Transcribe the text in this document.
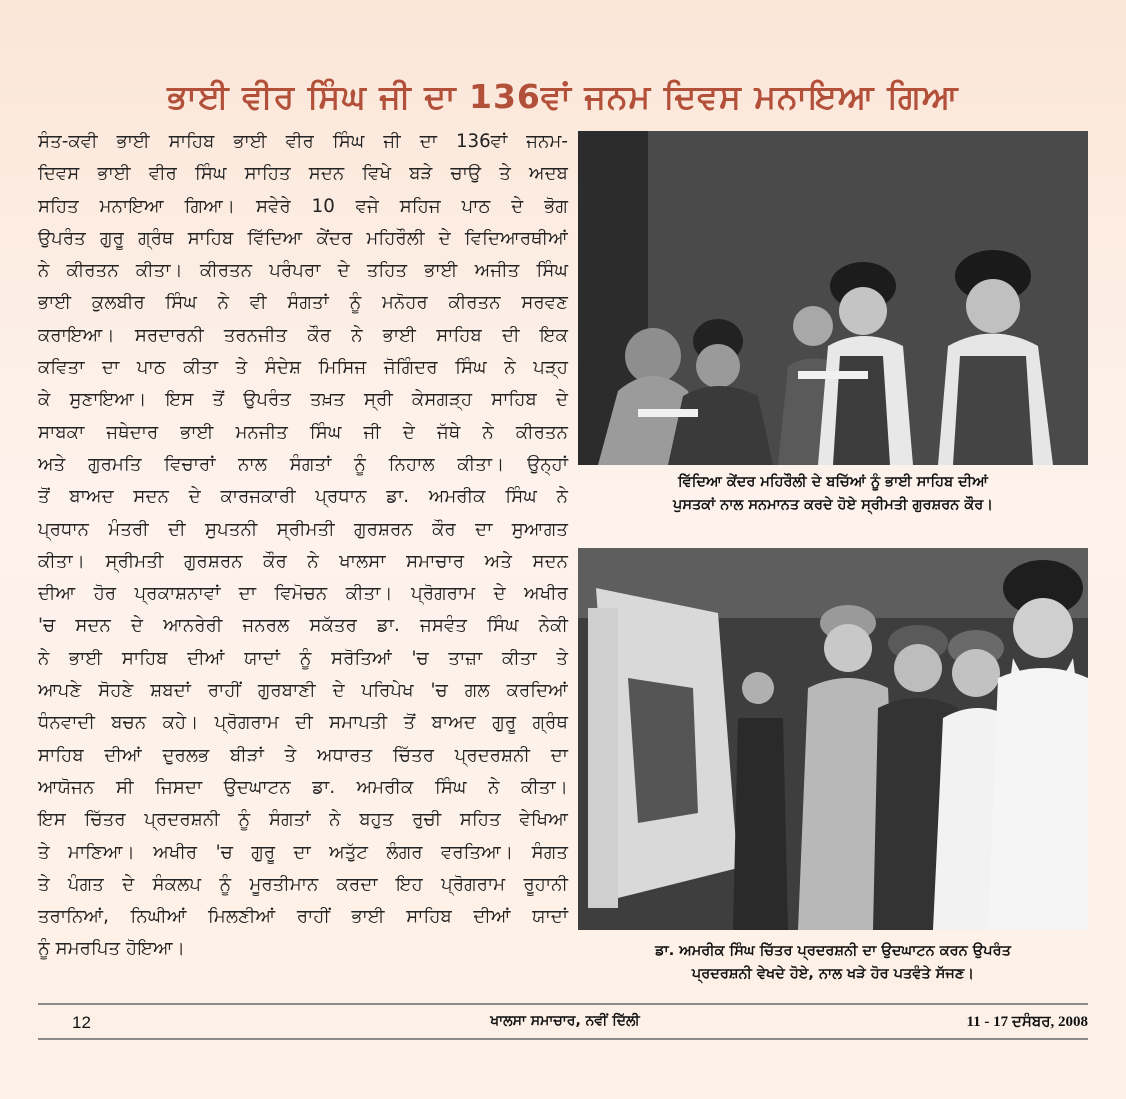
ਭਾਈ ਵੀਰ ਸਿੰਘ ਜੀ ਦਾ 136ਵਾਂ ਜਨਮ ਦਿਵਸ ਮਨਾਇਆ ਗਿਆ
ਸੰਤ-ਕਵੀ ਭਾਈ ਸਾਹਿਬ ਭਾਈ ਵੀਰ ਸਿੰਘ ਜੀ ਦਾ 136ਵਾਂ ਜਨਮ-
ਦਿਵਸ ਭਾਈ ਵੀਰ ਸਿੰਘ ਸਾਹਿਤ ਸਦਨ ਵਿਖੇ ਬੜੇ ਚਾਉ ਤੇ ਅਦਬ
ਸਹਿਤ ਮਨਾਇਆ ਗਿਆ। ਸਵੇਰੇ 10 ਵਜੇ ਸਹਿਜ ਪਾਠ ਦੇ ਭੋਗ
ਉਪਰੰਤ ਗੁਰੂ ਗ੍ਰੰਥ ਸਾਹਿਬ ਵਿੱਦਿਆ ਕੇਂਦਰ ਮਹਿਰੌਲੀ ਦੇ ਵਿਦਿਆਰਥੀਆਂ
ਨੇ ਕੀਰਤਨ ਕੀਤਾ। ਕੀਰਤਨ ਪਰੰਪਰਾ ਦੇ ਤਹਿਤ ਭਾਈ ਅਜੀਤ ਸਿੰਘ
ਭਾਈ ਕੁਲਬੀਰ ਸਿੰਘ ਨੇ ਵੀ ਸੰਗਤਾਂ ਨੂੰ ਮਨੋਹਰ ਕੀਰਤਨ ਸਰਵਣ
ਕਰਾਇਆ। ਸਰਦਾਰਨੀ ਤਰਨਜੀਤ ਕੌਰ ਨੇ ਭਾਈ ਸਾਹਿਬ ਦੀ ਇਕ
ਕਵਿਤਾ ਦਾ ਪਾਠ ਕੀਤਾ ਤੇ ਸੰਦੇਸ਼ ਮਿਸਿਜ ਜੋਗਿੰਦਰ ਸਿੰਘ ਨੇ ਪੜ੍ਹ
ਕੇ ਸੁਣਾਇਆ। ਇਸ ਤੋਂ ਉਪਰੰਤ ਤਖ਼ਤ ਸ੍ਰੀ ਕੇਸਗੜ੍ਹ ਸਾਹਿਬ ਦੇ
ਸਾਬਕਾ ਜਥੇਦਾਰ ਭਾਈ ਮਨਜੀਤ ਸਿੰਘ ਜੀ ਦੇ ਜੱਥੇ ਨੇ ਕੀਰਤਨ
ਅਤੇ ਗੁਰਮਤਿ ਵਿਚਾਰਾਂ ਨਾਲ ਸੰਗਤਾਂ ਨੂੰ ਨਿਹਾਲ ਕੀਤਾ। ਉਨ੍ਹਾਂ
ਤੋਂ ਬਾਅਦ ਸਦਨ ਦੇ ਕਾਰਜਕਾਰੀ ਪ੍ਰਧਾਨ ਡਾ. ਅਮਰੀਕ ਸਿੰਘ ਨੇ
ਪ੍ਰਧਾਨ ਮੰਤਰੀ ਦੀ ਸੁਪਤਨੀ ਸ੍ਰੀਮਤੀ ਗੁਰਸ਼ਰਨ ਕੌਰ ਦਾ ਸੁਆਗਤ
ਕੀਤਾ। ਸ੍ਰੀਮਤੀ ਗੁਰਸ਼ਰਨ ਕੌਰ ਨੇ ਖਾਲਸਾ ਸਮਾਚਾਰ ਅਤੇ ਸਦਨ
ਦੀਆ ਹੋਰ ਪ੍ਰਕਾਸ਼ਨਾਵਾਂ ਦਾ ਵਿਮੋਚਨ ਕੀਤਾ। ਪ੍ਰੋਗਰਾਮ ਦੇ ਅਖੀਰ
'ਚ ਸਦਨ ਦੇ ਆਨਰੇਰੀ ਜਨਰਲ ਸਕੱਤਰ ਡਾ. ਜਸਵੰਤ ਸਿੰਘ ਨੇਕੀ
ਨੇ ਭਾਈ ਸਾਹਿਬ ਦੀਆਂ ਯਾਦਾਂ ਨੂੰ ਸਰੋਤਿਆਂ 'ਚ ਤਾਜ਼ਾ ਕੀਤਾ ਤੇ
ਆਪਣੇ ਸੋਹਣੇ ਸ਼ਬਦਾਂ ਰਾਹੀਂ ਗੁਰਬਾਣੀ ਦੇ ਪਰਿਪੇਖ 'ਚ ਗਲ ਕਰਦਿਆਂ
ਧੰਨਵਾਦੀ ਬਚਨ ਕਹੇ। ਪ੍ਰੋਗਰਾਮ ਦੀ ਸਮਾਪਤੀ ਤੋਂ ਬਾਅਦ ਗੁਰੂ ਗ੍ਰੰਥ
ਸਾਹਿਬ ਦੀਆਂ ਦੁਰਲਭ ਬੀੜਾਂ ਤੇ ਅਧਾਰਤ ਚਿੱਤਰ ਪ੍ਰਦਰਸ਼ਨੀ ਦਾ
ਆਯੋਜਨ ਸੀ ਜਿਸਦਾ ਉਦਘਾਟਨ ਡਾ. ਅਮਰੀਕ ਸਿੰਘ ਨੇ ਕੀਤਾ।
ਇਸ ਚਿੱਤਰ ਪ੍ਰਦਰਸ਼ਨੀ ਨੂੰ ਸੰਗਤਾਂ ਨੇ ਬਹੁਤ ਰੁਚੀ ਸਹਿਤ ਵੇਖਿਆ
ਤੇ ਮਾਣਿਆ। ਅਖੀਰ 'ਚ ਗੁਰੂ ਦਾ ਅਤੁੱਟ ਲੰਗਰ ਵਰਤਿਆ। ਸੰਗਤ
ਤੇ ਪੰਗਤ ਦੇ ਸੰਕਲਪ ਨੂੰ ਮੂਰਤੀਮਾਨ ਕਰਦਾ ਇਹ ਪ੍ਰੋਗਰਾਮ ਰੂਹਾਨੀ
ਤਰਾਨਿਆਂ, ਨਿਘੀਆਂ ਮਿਲਣੀਆਂ ਰਾਹੀਂ ਭਾਈ ਸਾਹਿਬ ਦੀਆਂ ਯਾਦਾਂ
ਨੂੰ ਸਮਰਪਿਤ ਹੋਇਆ।
ਵਿੱਦਿਆ ਕੇਂਦਰ ਮਹਿਰੌਲੀ ਦੇ ਬਚਿੱਆਂ ਨੂੰ ਭਾਈ ਸਾਹਿਬ ਦੀਆਂ
ਪੁਸਤਕਾਂ ਨਾਲ ਸਨਮਾਨਤ ਕਰਦੇ ਹੋਏ ਸ੍ਰੀਮਤੀ ਗੁਰਸ਼ਰਨ ਕੌਰ।
ਡਾ. ਅਮਰੀਕ ਸਿੰਘ ਚਿੱਤਰ ਪ੍ਰਦਰਸ਼ਨੀ ਦਾ ਉਦਘਾਟਨ ਕਰਨ ਉਪਰੰਤ
ਪ੍ਰਦਰਸ਼ਨੀ ਵੇਖਦੇ ਹੋਏ, ਨਾਲ ਖੜੇ ਹੋਰ ਪਤਵੰਤੇ ਸੱਜਣ।
12	ਖਾਲਸਾ ਸਮਾਚਾਰ, ਨਵੀਂ ਦਿੱਲੀ	11 - 17 ਦਸੰਬਰ, 2008
